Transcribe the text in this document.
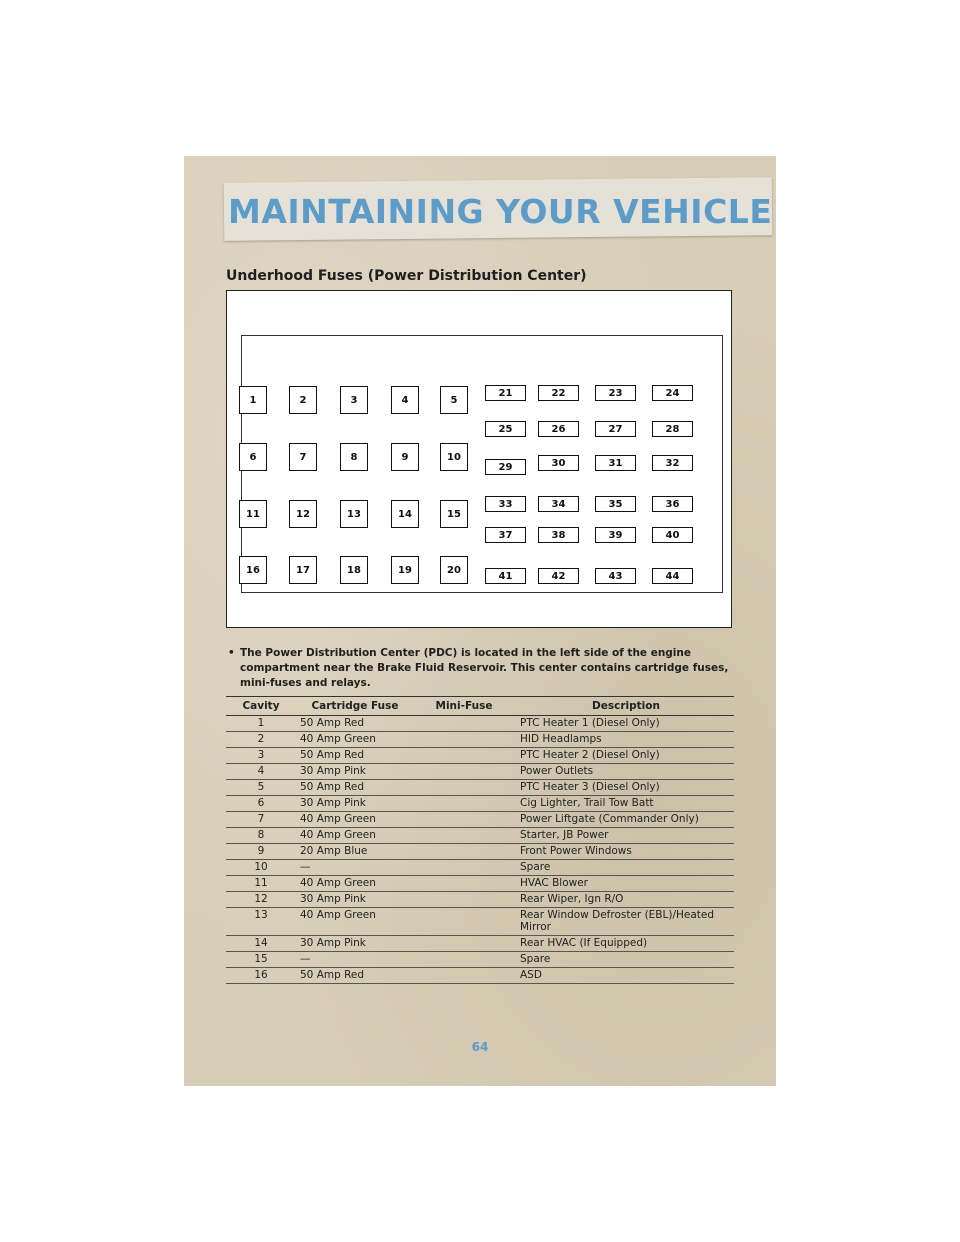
MAINTAINING YOUR VEHICLE
Underhood Fuses (Power Distribution Center)
1	2	3	4	5
6	7	8	9	10
11	12	13	14	15
16	17	18	19	20
21	22	23	24
25	26	27	28
29	30	31	32
33	34	35	36
37	38	39	40
41	42	43	44
• The Power Distribution Center (PDC) is located in the left side of the engine compartment near the Brake Fluid Reservoir. This center contains cartridge fuses, mini-fuses and relays.
Cavity	Cartridge Fuse	Mini-Fuse	Description
1	50 Amp Red		PTC Heater 1 (Diesel Only)
2	40 Amp Green		HID Headlamps
3	50 Amp Red		PTC Heater 2 (Diesel Only)
4	30 Amp Pink		Power Outlets
5	50 Amp Red		PTC Heater 3 (Diesel Only)
6	30 Amp Pink		Cig Lighter, Trail Tow Batt
7	40 Amp Green		Power Liftgate (Commander Only)
8	40 Amp Green		Starter, JB Power
9	20 Amp Blue		Front Power Windows
10	—		Spare
11	40 Amp Green		HVAC Blower
12	30 Amp Pink		Rear Wiper, Ign R/O
13	40 Amp Green		Rear Window Defroster (EBL)/Heated Mirror
14	30 Amp Pink		Rear HVAC (If Equipped)
15	—		Spare
16	50 Amp Red		ASD
64
